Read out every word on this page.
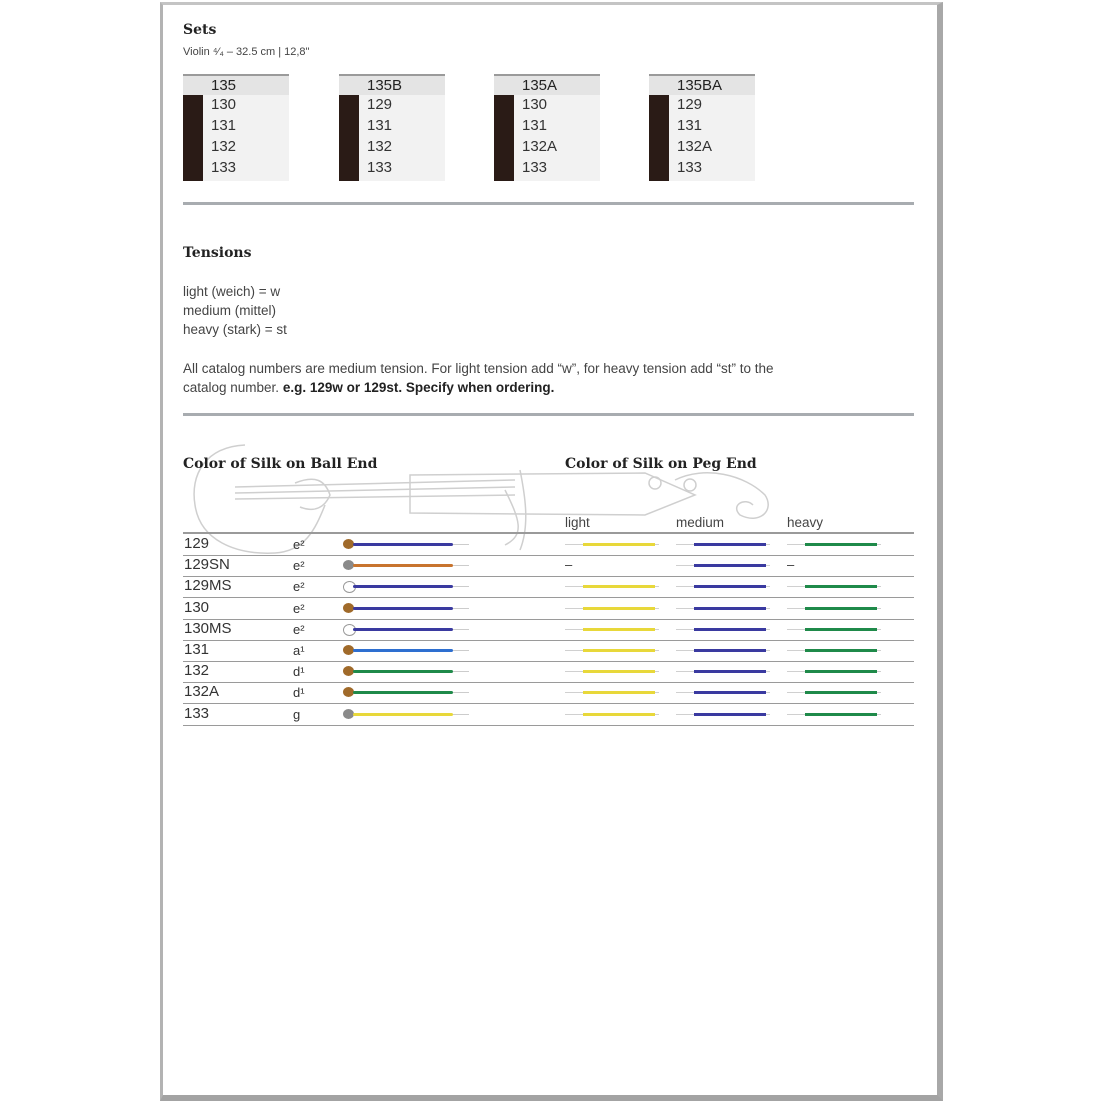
Sets
Violin ⁴⁄₄ – 32.5 cm | 12,8"
135
130
131
132
133
135B
129
131
132
133
135A
130
131
132A
133
135BA
129
131
132A
133
Tensions
light (weich) = w
medium (mittel)
heavy (stark) = st
All catalog numbers are medium tension. For light tension add “w”, for heavy tension add “st” to the
catalog number. e.g. 129w or 129st. Specify when ordering.
Color of Silk on Ball End	Color of Silk on Peg End
light	medium	heavy
129	e²
129SN	e²	–	–
129MS	e²
130	e²
130MS	e²
131	a¹
132	d¹
132A	d¹
133	g
